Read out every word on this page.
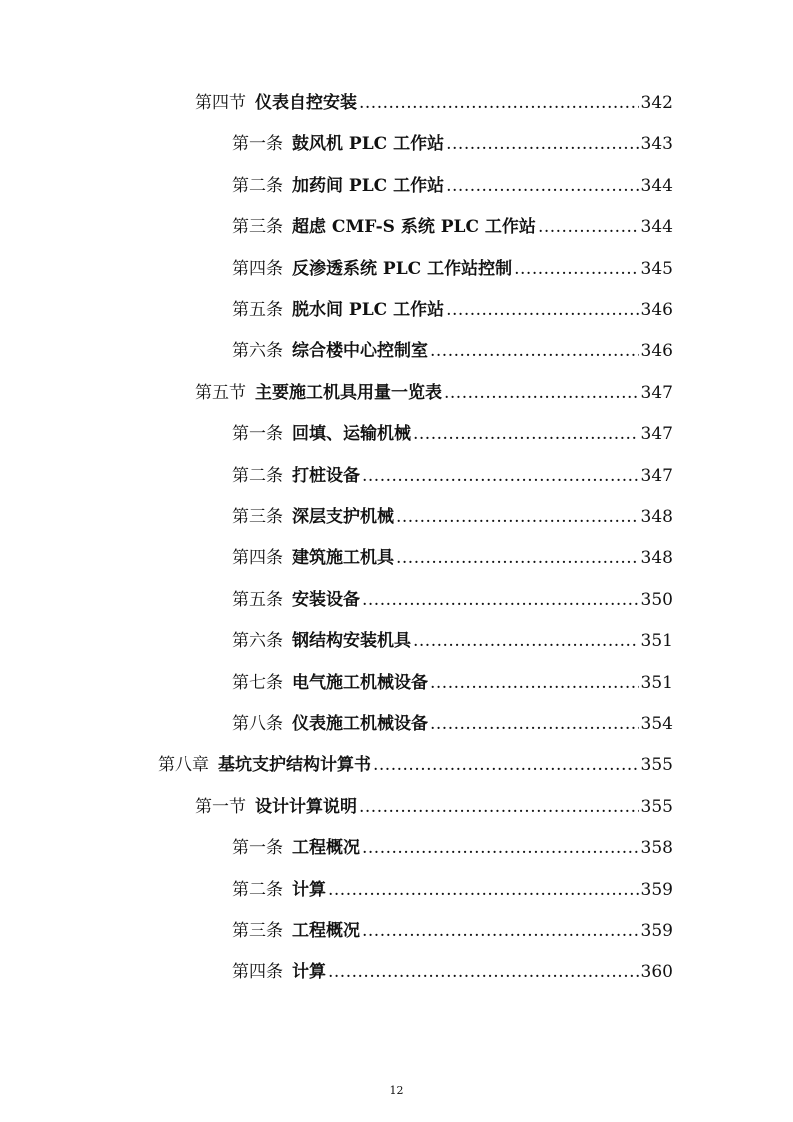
第四节 仪表自控安装 .....	342
第一条 鼓风机 PLC 工作站 .....	343
第二条 加药间 PLC 工作站 .....	344
第三条 超虑 CMF-S 系统 PLC 工作站 .....	344
第四条 反渗透系统 PLC 工作站控制 .....	345
第五条 脱水间 PLC 工作站 .....	346
第六条 综合楼中心控制室 .....	346
第五节 主要施工机具用量一览表 .....	347
第一条 回填、运输机械 .....	347
第二条 打桩设备 .....	347
第三条 深层支护机械 .....	348
第四条 建筑施工机具 .....	348
第五条 安装设备 .....	350
第六条 钢结构安装机具 .....	351
第七条 电气施工机械设备 .....	351
第八条 仪表施工机械设备 .....	354
第八章 基坑支护结构计算书 .....	355
第一节 设计计算说明 .....	355
第一条 工程概况 .....	358
第二条 计算 .....	359
第三条 工程概况 .....	359
第四条 计算 .....	360
12
